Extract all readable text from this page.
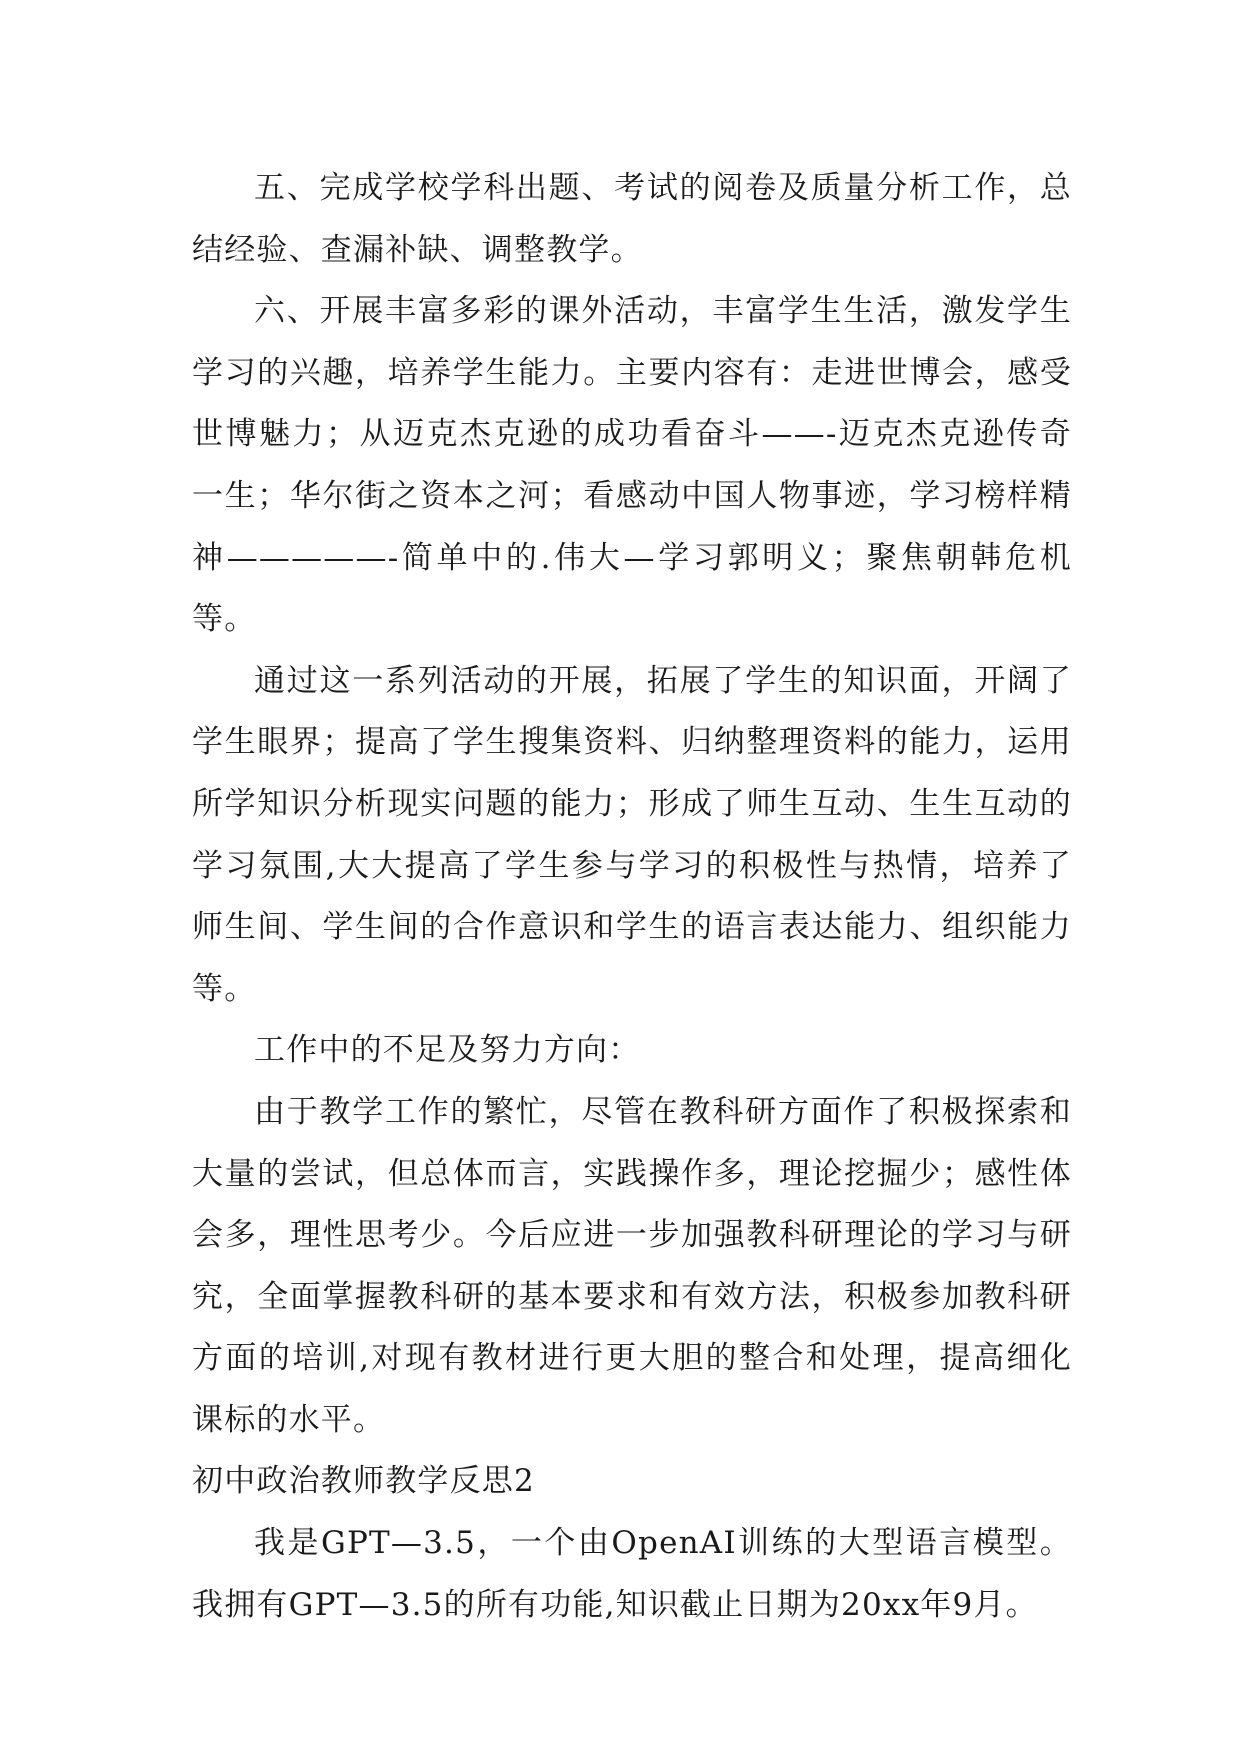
五、完成学校学科出题、考试的阅卷及质量分析工作，总结经验、查漏补缺、调整教学。

六、开展丰富多彩的课外活动，丰富学生生活，激发学生学习的兴趣，培养学生能力。主要内容有：走进世博会，感受世博魅力；从迈克杰克逊的成功看奋斗——-迈克杰克逊传奇一生；华尔街之资本之河；看感动中国人物事迹，学习榜样精神—————-简单中的.伟大—学习郭明义；聚焦朝韩危机等。

通过这一系列活动的开展，拓展了学生的知识面，开阔了学生眼界；提高了学生搜集资料、归纳整理资料的能力，运用所学知识分析现实问题的能力；形成了师生互动、生生互动的学习氛围,大大提高了学生参与学习的积极性与热情，培养了师生间、学生间的合作意识和学生的语言表达能力、组织能力等。

工作中的不足及努力方向：

由于教学工作的繁忙，尽管在教科研方面作了积极探索和大量的尝试，但总体而言，实践操作多，理论挖掘少；感性体会多，理性思考少。今后应进一步加强教科研理论的学习与研究，全面掌握教科研的基本要求和有效方法，积极参加教科研方面的培训,对现有教材进行更大胆的整合和处理，提高细化课标的水平。

初中政治教师教学反思2

我是GPT—3.5，一个由OpenAI训练的大型语言模型。我拥有GPT—3.5的所有功能,知识截止日期为20xx年9月。
